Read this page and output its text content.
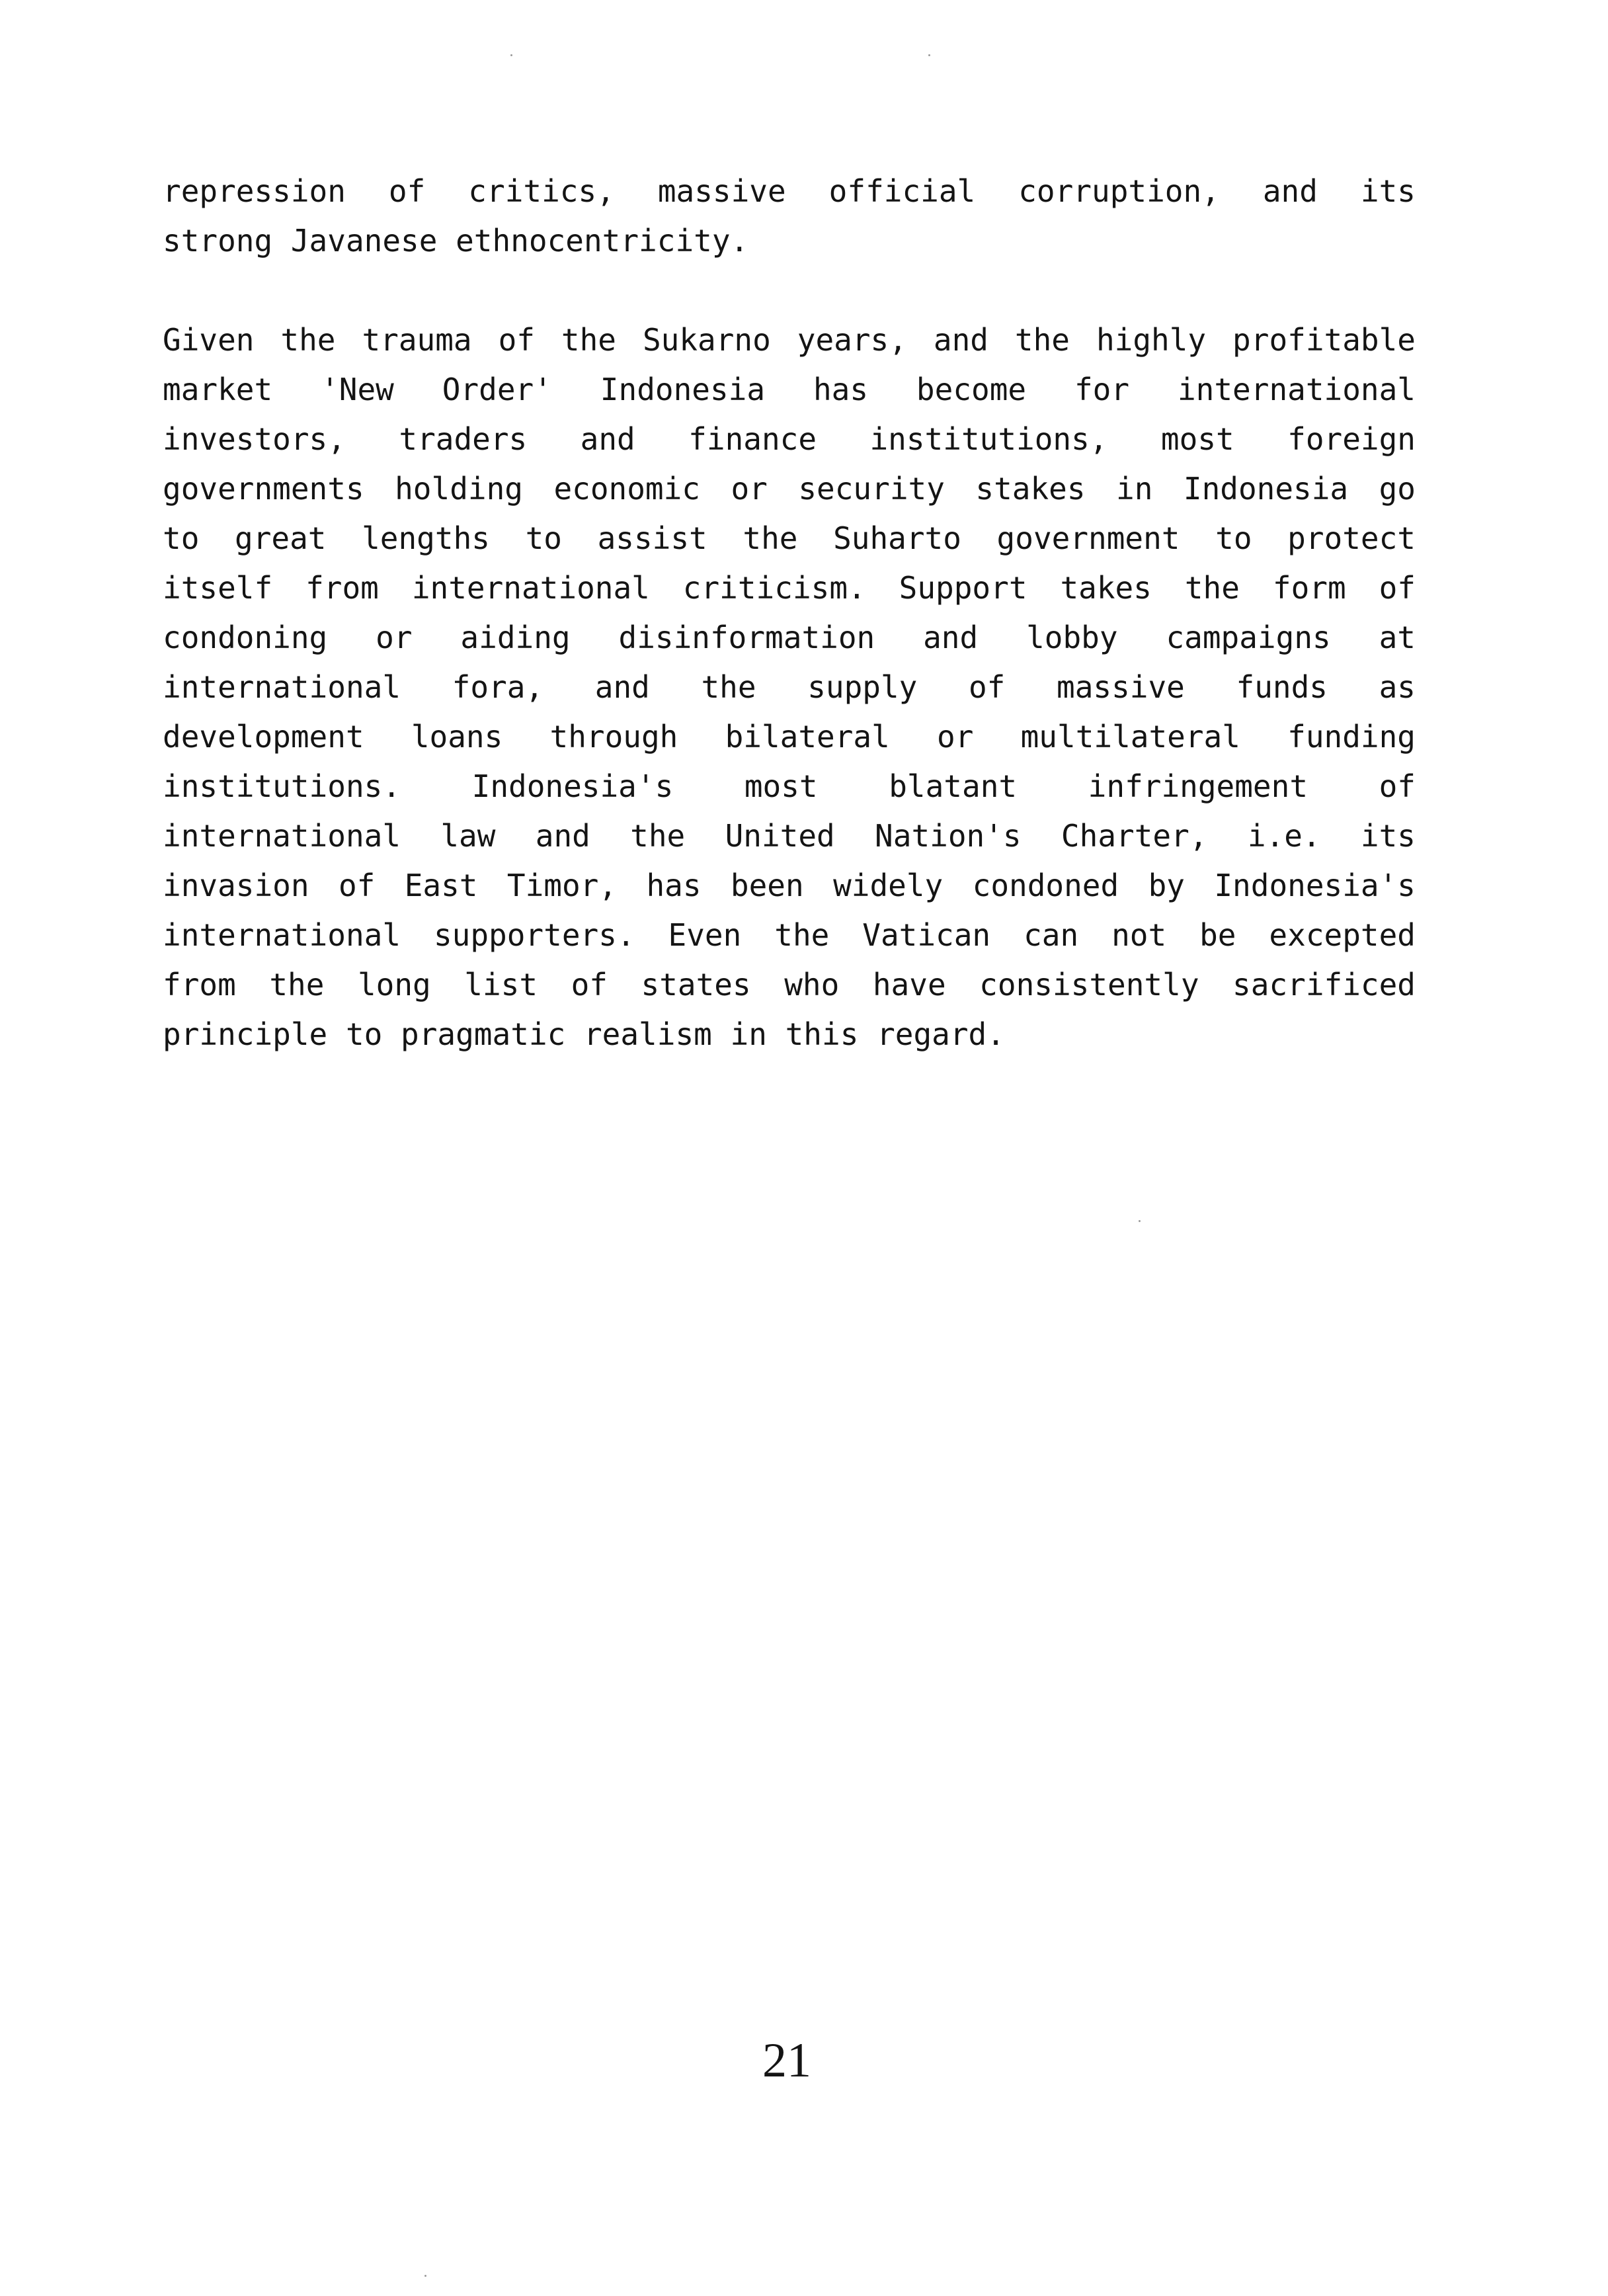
repression of critics, massive official corruption, and its
strong Javanese ethnocentricity.
Given the trauma of the Sukarno years, and the highly profitable
market 'New Order' Indonesia has become for international
investors, traders and finance institutions, most foreign
governments holding economic or security stakes in Indonesia go
to great lengths to assist the Suharto government to protect
itself from international criticism. Support takes the form of
condoning or aiding disinformation and lobby campaigns at
international fora, and the supply of massive funds as
development loans through bilateral or multilateral funding
institutions. Indonesia's most blatant infringement of
international law and the United Nation's Charter, i.e. its
invasion of East Timor, has been widely condoned by Indonesia's
international supporters. Even the Vatican can not be excepted
from the long list of states who have consistently sacrificed
principle to pragmatic realism in this regard.
21
